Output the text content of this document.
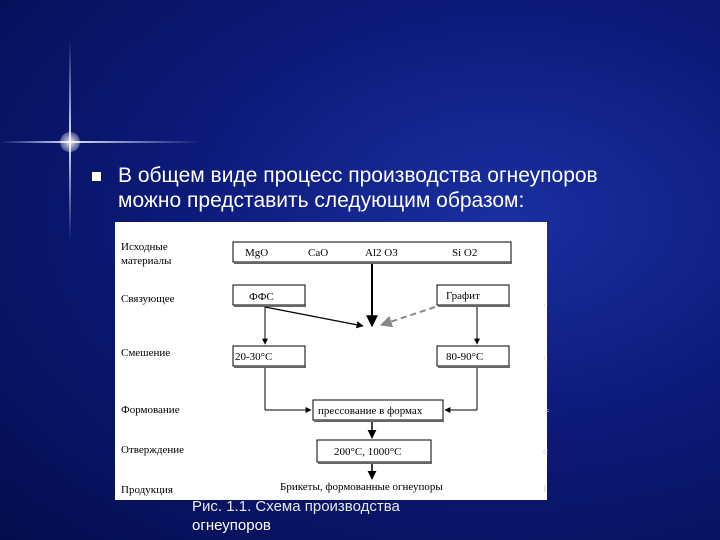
В общем виде процесс производства огнеупоров
можно представить следующим образом:
Исходные
материалы
Связующее
Смешение
Формование
Отверждение
Продукция
MgO	CaO	Al2 O3	Si O2
ФФС	Графит
20-30°C	80-90°C
прессование в формах
200°C, 1000°C
Брикеты, формованные огнеупоры
,
,
=
c
I
Рис. 1.1. Схема производства
огнеупоров
